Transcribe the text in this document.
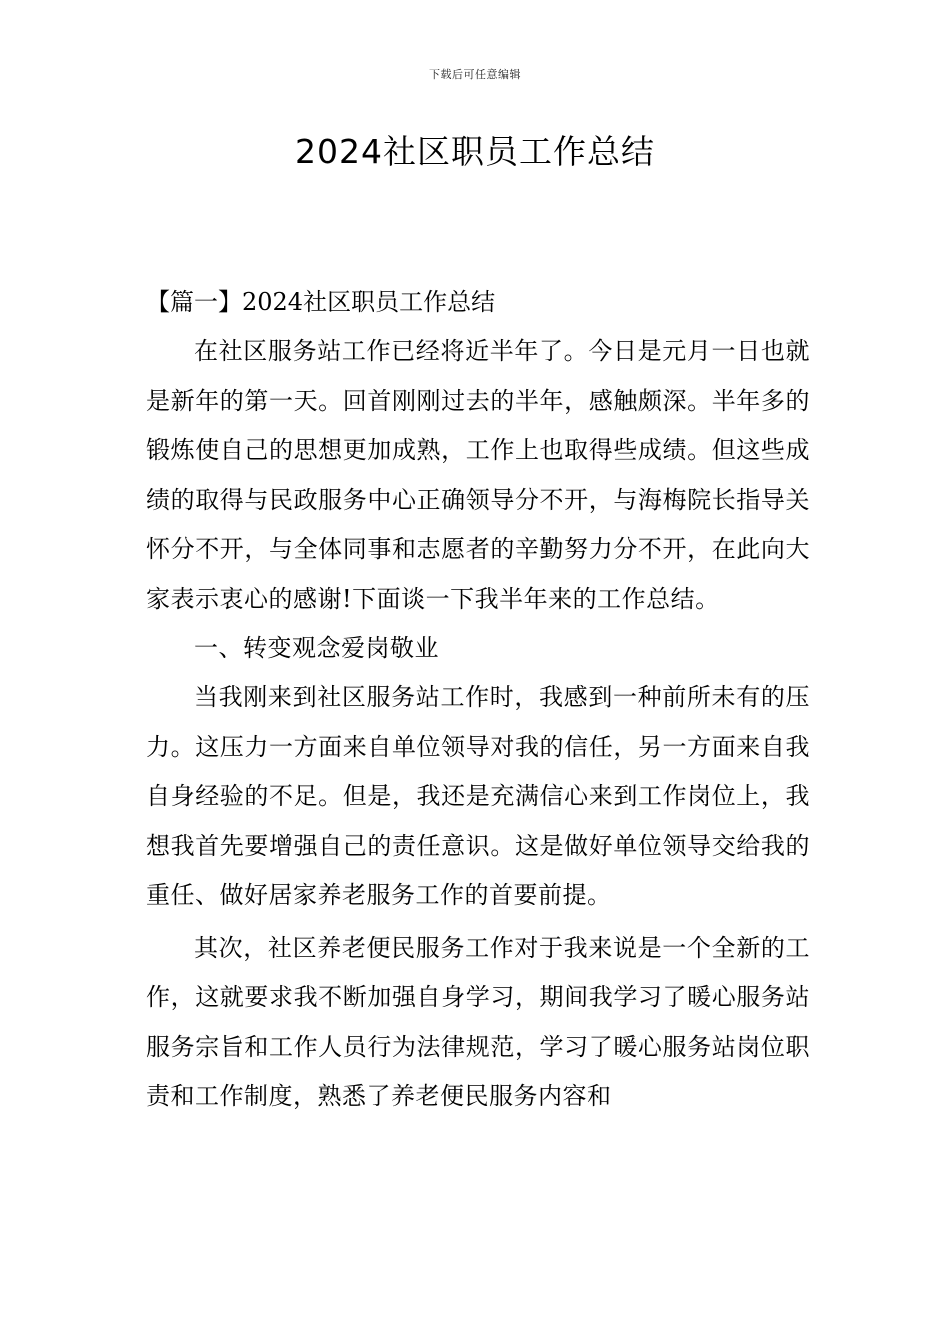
下载后可任意编辑
2024社区职员工作总结

【篇一】2024社区职员工作总结

在社区服务站工作已经将近半年了。今日是元月一日也就是新年的第一天。回首刚刚过去的半年，感触颇深。半年多的锻炼使自己的思想更加成熟，工作上也取得些成绩。但这些成绩的取得与民政服务中心正确领导分不开，与海梅院长指导关怀分不开，与全体同事和志愿者的辛勤努力分不开，在此向大家表示衷心的感谢!下面谈一下我半年来的工作总结。

一、转变观念爱岗敬业

当我刚来到社区服务站工作时，我感到一种前所未有的压力。这压力一方面来自单位领导对我的信任，另一方面来自我自身经验的不足。但是，我还是充满信心来到工作岗位上，我想我首先要增强自己的责任意识。这是做好单位领导交给我的重任、做好居家养老服务工作的首要前提。

其次，社区养老便民服务工作对于我来说是一个全新的工作，这就要求我不断加强自身学习，期间我学习了暖心服务站服务宗旨和工作人员行为法律规范，学习了暖心服务站岗位职责和工作制度，熟悉了养老便民服务内容和
